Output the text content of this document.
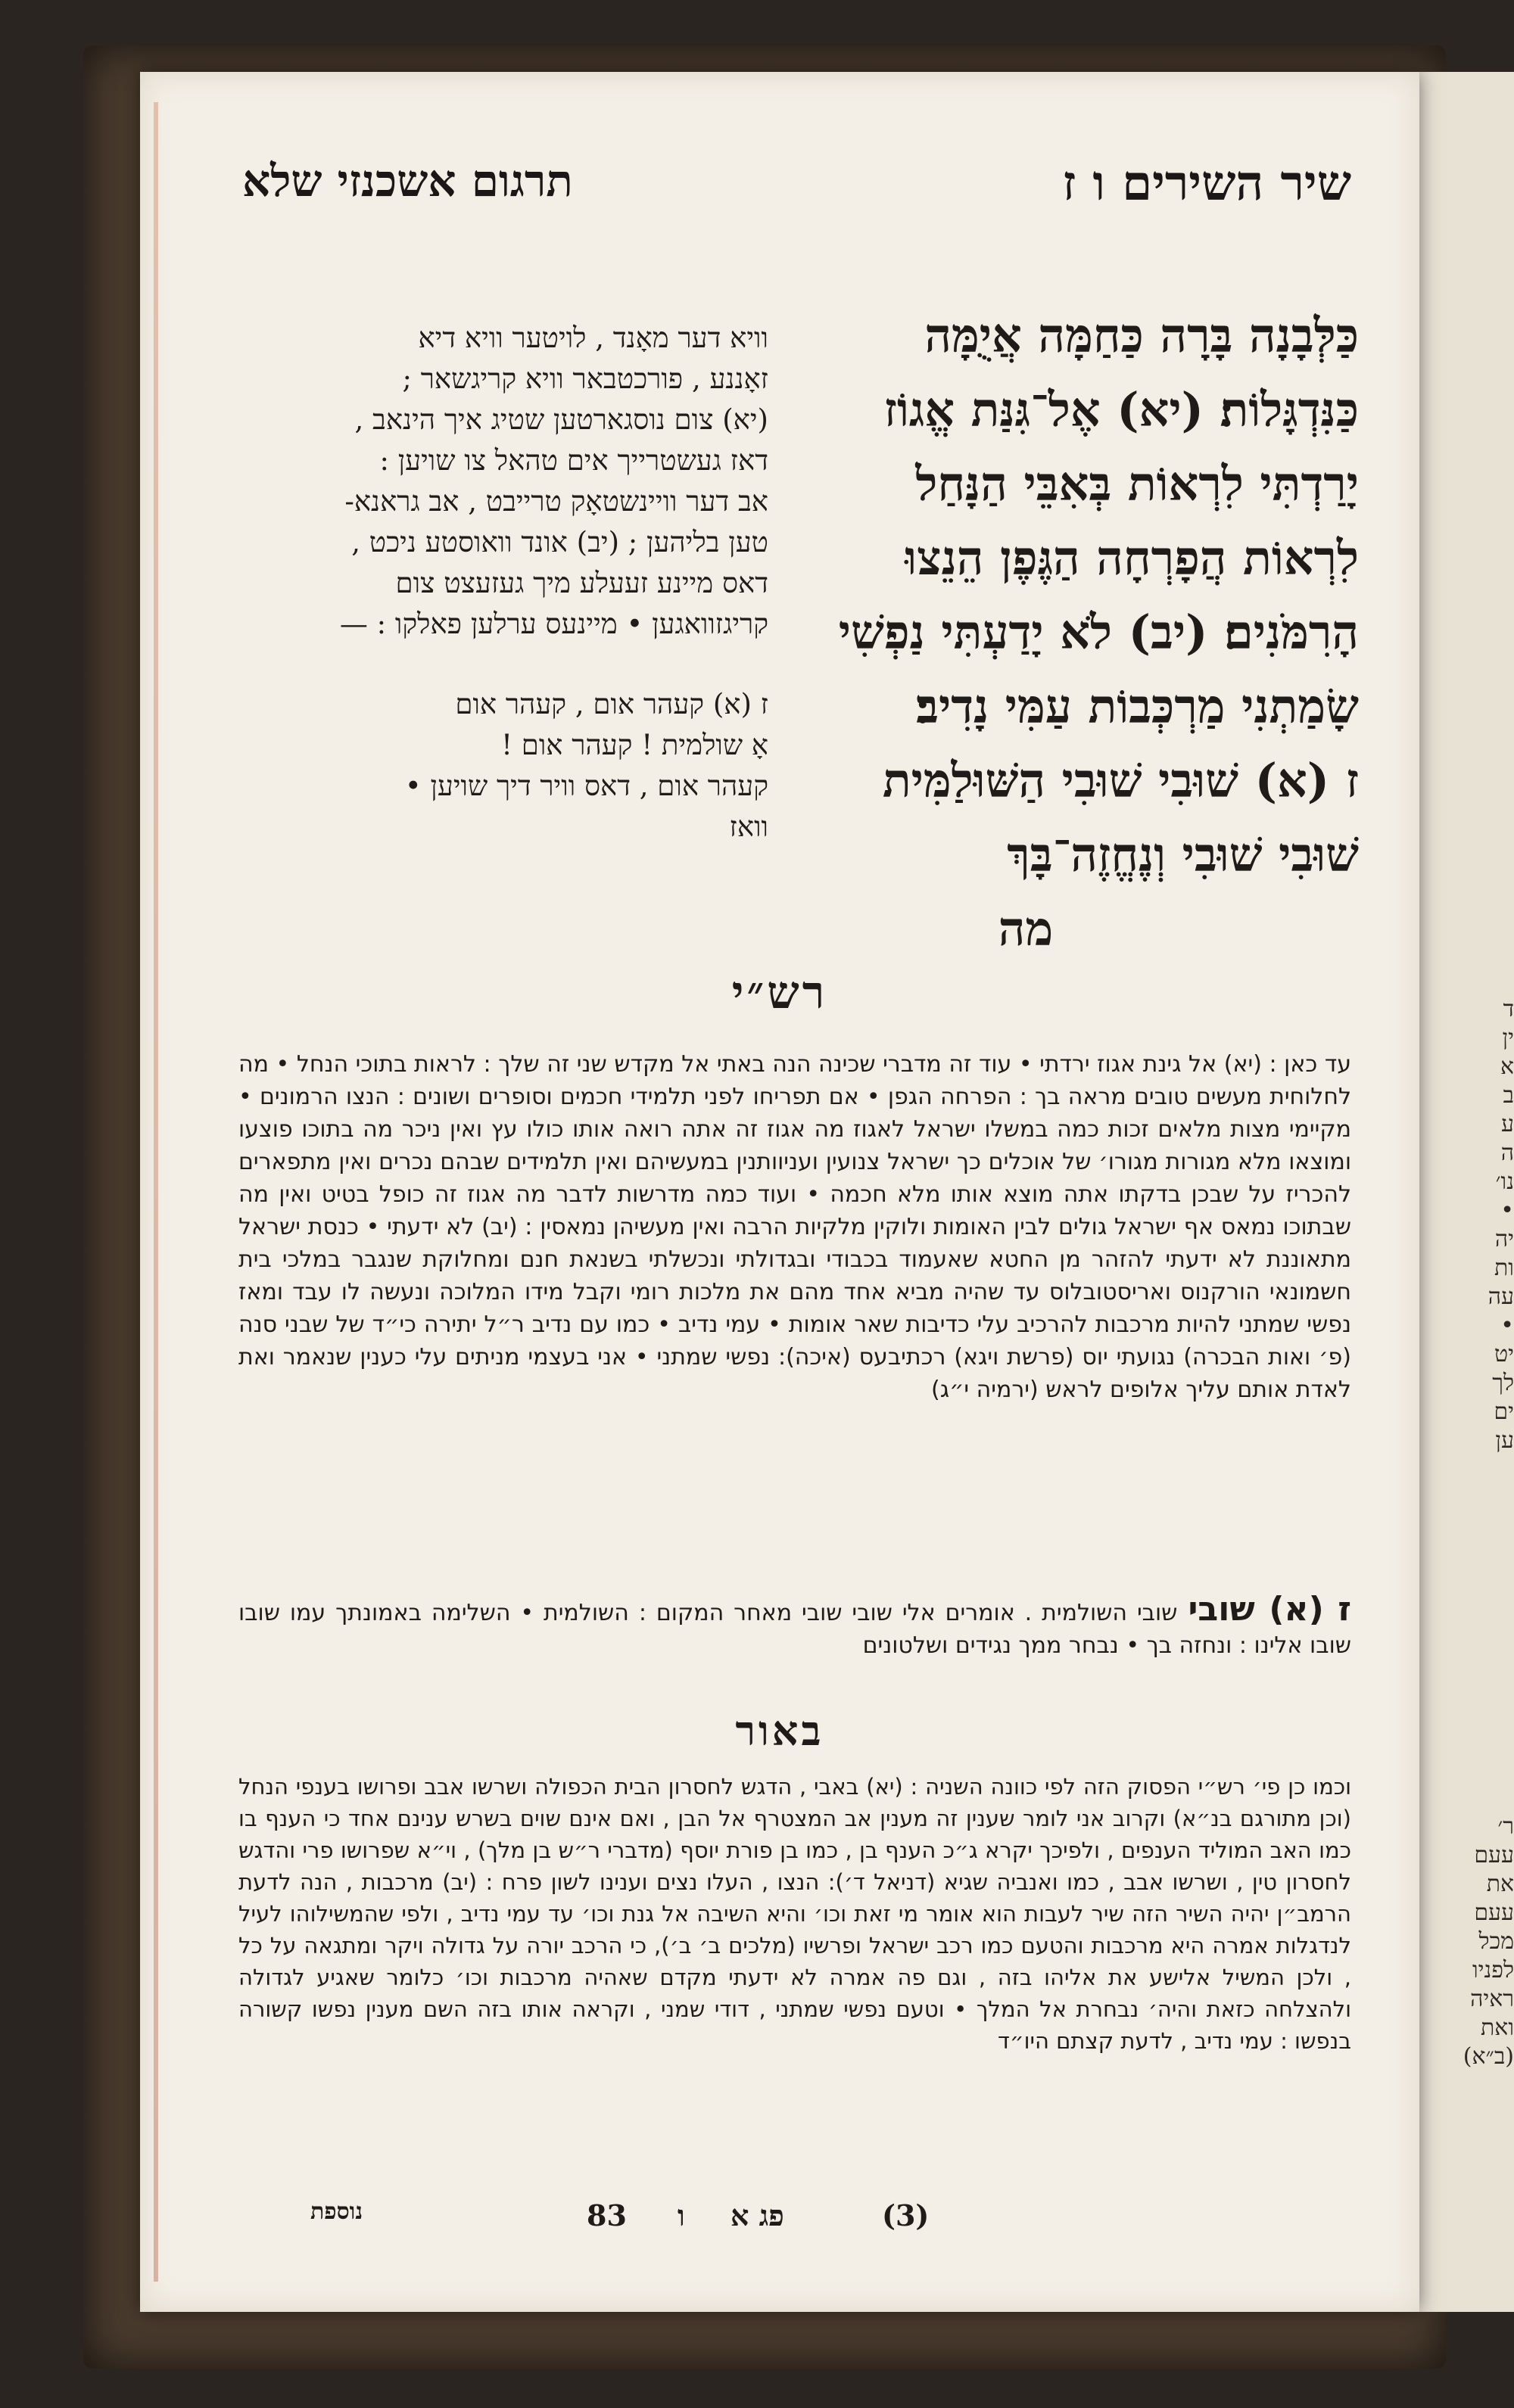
ד
ין
א
ב
ע
ה
נו׳
•
יה
ות
עה
•
יט
לך
ים
ען
ר׳
עעם
את
עעם
מכל
לפניו
ראיה
ואת
(ב״א)
שיר השירים ו ז
תרגום אשכנזי שלא
כַּלְּבָנָה בָּרָה כַּחַמָּה אֲיֻמָּה
כַּנִּדְגָּלוֹת׃ (יא) אֶל־גִּנַּת אֱגוֹז
יָרַדְתִּי לִרְאוֹת בְּאִבֵּי הַנָּחַל
לִרְאוֹת הֲפָרְחָה הַגֶּפֶן הֵנֵצוּ
הָרִמֹּנִים׃ (יב) לֹא יָדַעְתִּי נַפְשִׁי
שָׂמַתְנִי מַרְכְּבוֹת עַמִּי נָדִיב׃
ז (א) שׁוּבִי שׁוּבִי הַשּׁוּלַמִּית
שׁוּבִי שׁוּבִי וְנֶחֱזֶה־בָּךְ
מה
וויא דער מאָנד , לויטער וויא דיא
זאָננע , פורכטבאר וויא קריגשאר ;
(יא) צום נוסגארטען שטיג איך הינאב ,
דאז געשטרייך אים טהאל צו שויען :
אב דער וויינשטאָק טרייבט , אב גראנא-
טען בליהען ; (יב) אונד וואוסטע ניכט ,
דאס מיינע זעעלע מיך געזעצט צום
קריגזוואגען • מיינעס ערלען פאלקו : —
ז (א) קעהר אום , קעהר אום
אָ שולמית ! קעהר אום !
קעהר אום , דאס וויר דיך שויען •
וואז
רש״י
עד כאן : (יא) אל גינת אגוז ירדתי • עוד זה מדברי שכינה הנה באתי אל מקדש שני זה שלך : לראות בתוכי הנחל • מה לחלוחית מעשים טובים מראה בך : הפרחה הגפן • אם תפריחו לפני תלמידי חכמים וסופרים ושונים : הנצו הרמונים • מקיימי מצות מלאים זכות כמה במשלו ישראל לאגוז מה אגוז זה אתה רואה אותו כולו עץ ואין ניכר מה בתוכו פוצעו ומוצאו מלא מגורות מגורו׳ של אוכלים כך ישראל צנועין ועניוותנין במעשיהם ואין תלמידים שבהם נכרים ואין מתפארים להכריז על שבכן בדקתו אתה מוצא אותו מלא חכמה • ועוד כמה מדרשות לדבר מה אגוז זה כופל בטיט ואין מה שבתוכו נמאס אף ישראל גולים לבין האומות ולוקין מלקיות הרבה ואין מעשיהן נמאסין : (יב) לא ידעתי • כנסת ישראל מתאוננת לא ידעתי להזהר מן החטא שאעמוד בכבודי ובגדולתי ונכשלתי בשנאת חנם ומחלוקת שנגבר במלכי בית חשמונאי הורקנוס ואריסטובלוס עד שהיה מביא אחד מהם את מלכות רומי וקבל מידו המלוכה ונעשה לו עבד ומאז נפשי שמתני להיות מרכבות להרכיב עלי כדיבות שאר אומות • עמי נדיב • כמו עם נדיב ר״ל יתירה כי״ד של שבני סנה (פ׳ ואות הבכרה) נגועתי יוס (פרשת ויגא) רכתיבעס (איכה): נפשי שמתני • אני בעצמי מניתים עלי כענין שנאמר ואת לאדת אותם עליך אלופים לראש (ירמיה י״ג)
ז (א) שובישובי השולמית . אומרים אלי שובי שובי מאחר המקום : השולמית • השלימה באמונתך עמו שובו שובו אלינו : ונחזה בך • נבחר ממך נגידים ושלטונים
באור
וכמו כן פי׳ רש״י הפסוק הזה לפי כוונה השניה : (יא) באבי , הדגש לחסרון הבית הכפולה ושרשו אבב ופרושו בענפי הנחל (וכן מתורגם בנ״א) וקרוב אני לומר שענין זה מענין אב המצטרף אל הבן , ואם אינם שוים בשרש ענינם אחד כי הענף בו כמו האב המוליד הענפים , ולפיכך יקרא ג״כ הענף בן , כמו בן פורת יוסף (מדברי ר״ש בן מלך) , וי״א שפרושו פרי והדגש לחסרון טין , ושרשו אבב , כמו ואנביה שגיא (דניאל ד׳): הנצו , העלו נצים וענינו לשון פרח : (יב) מרכבות , הנה לדעת הרמב״ן יהיה השיר הזה שיר לעבות הוא אומר מי זאת וכו׳ והיא השיבה אל גנת וכו׳ עד עמי נדיב , ולפי שהמשילוהו לעיל לנדגלות אמרה היא מרכבות והטעם כמו רכב ישראל ופרשיו (מלכים ב׳ ב׳), כי הרכב יורה על גדולה ויקר ומתגאה על כל , ולכן המשיל אלישע את אליהו בזה , וגם פה אמרה לא ידעתי מקדם שאהיה מרכבות וכו׳ כלומר שאגיע לגדולה ולהצלחה כזאת והיה׳ נבחרת אל המלך • וטעם נפשי שמתני , דודי שמני , וקראה אותו בזה השם מענין נפשו קשורה בנפשו : עמי נדיב , לדעת קצתם היו״ד
נוספת	83 ו פג א	(3)
